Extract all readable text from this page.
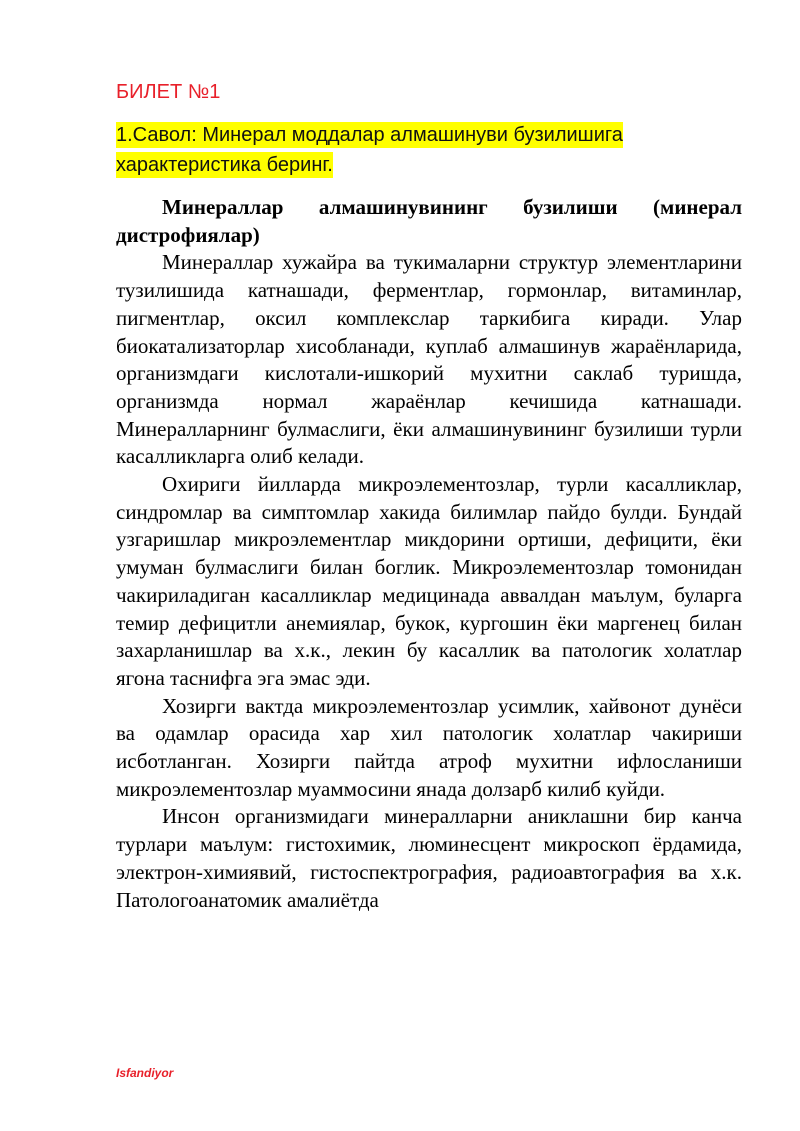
БИЛЕТ №1
1.Савол: Минерал моддалар алмашинуви бузилишига характеристика беринг.

Минераллар алмашинувининг бузилиши (минерал дистрофиялар)

Минераллар хужайра ва тукималарни структур элементларини тузилишида катнашади, ферментлар, гормонлар, витаминлар, пигментлар, оксил комплекслар таркибига киради. Улар биокатализаторлар хисобланади, куплаб алмашинув жараёнларида, организмдаги кислотали-ишкорий мухитни саклаб туришда, организмда нормал жараёнлар кечишида катнашади. Минералларнинг булмаслиги, ёки алмашинувининг бузилиши турли касалликларга олиб келади.

Охириги йилларда микроэлементозлар, турли касалликлар, синдромлар ва симптомлар хакида билимлар пайдо булди. Бундай узгаришлар микроэлементлар микдорини ортиши, дефицити, ёки умуман булмаслиги билан боглик. Микроэлементозлар томонидан чакириладиган касалликлар медицинада аввалдан маълум, буларга темир дефицитли анемиялар, букок, кургошин ёки маргенец билан захарланишлар ва х.к., лекин бу касаллик ва патологик холатлар ягона таснифга эга эмас эди.

Хозирги вактда микроэлементозлар усимлик, хайвонот дунёси ва одамлар орасида хар хил патологик холатлар чакириши исботланган. Хозирги пайтда атроф мухитни ифлосланиши микроэлементозлар муаммосини янада долзарб килиб куйди.

Инсон организмидаги минералларни аниклашни бир канча турлари маълум: гистохимик, люминесцент микроскоп ёрдамида, электрон-химиявий, гистоспектрография, радиоавтография ва х.к. Патологоанатомик амалиётда

Isfandiyor
